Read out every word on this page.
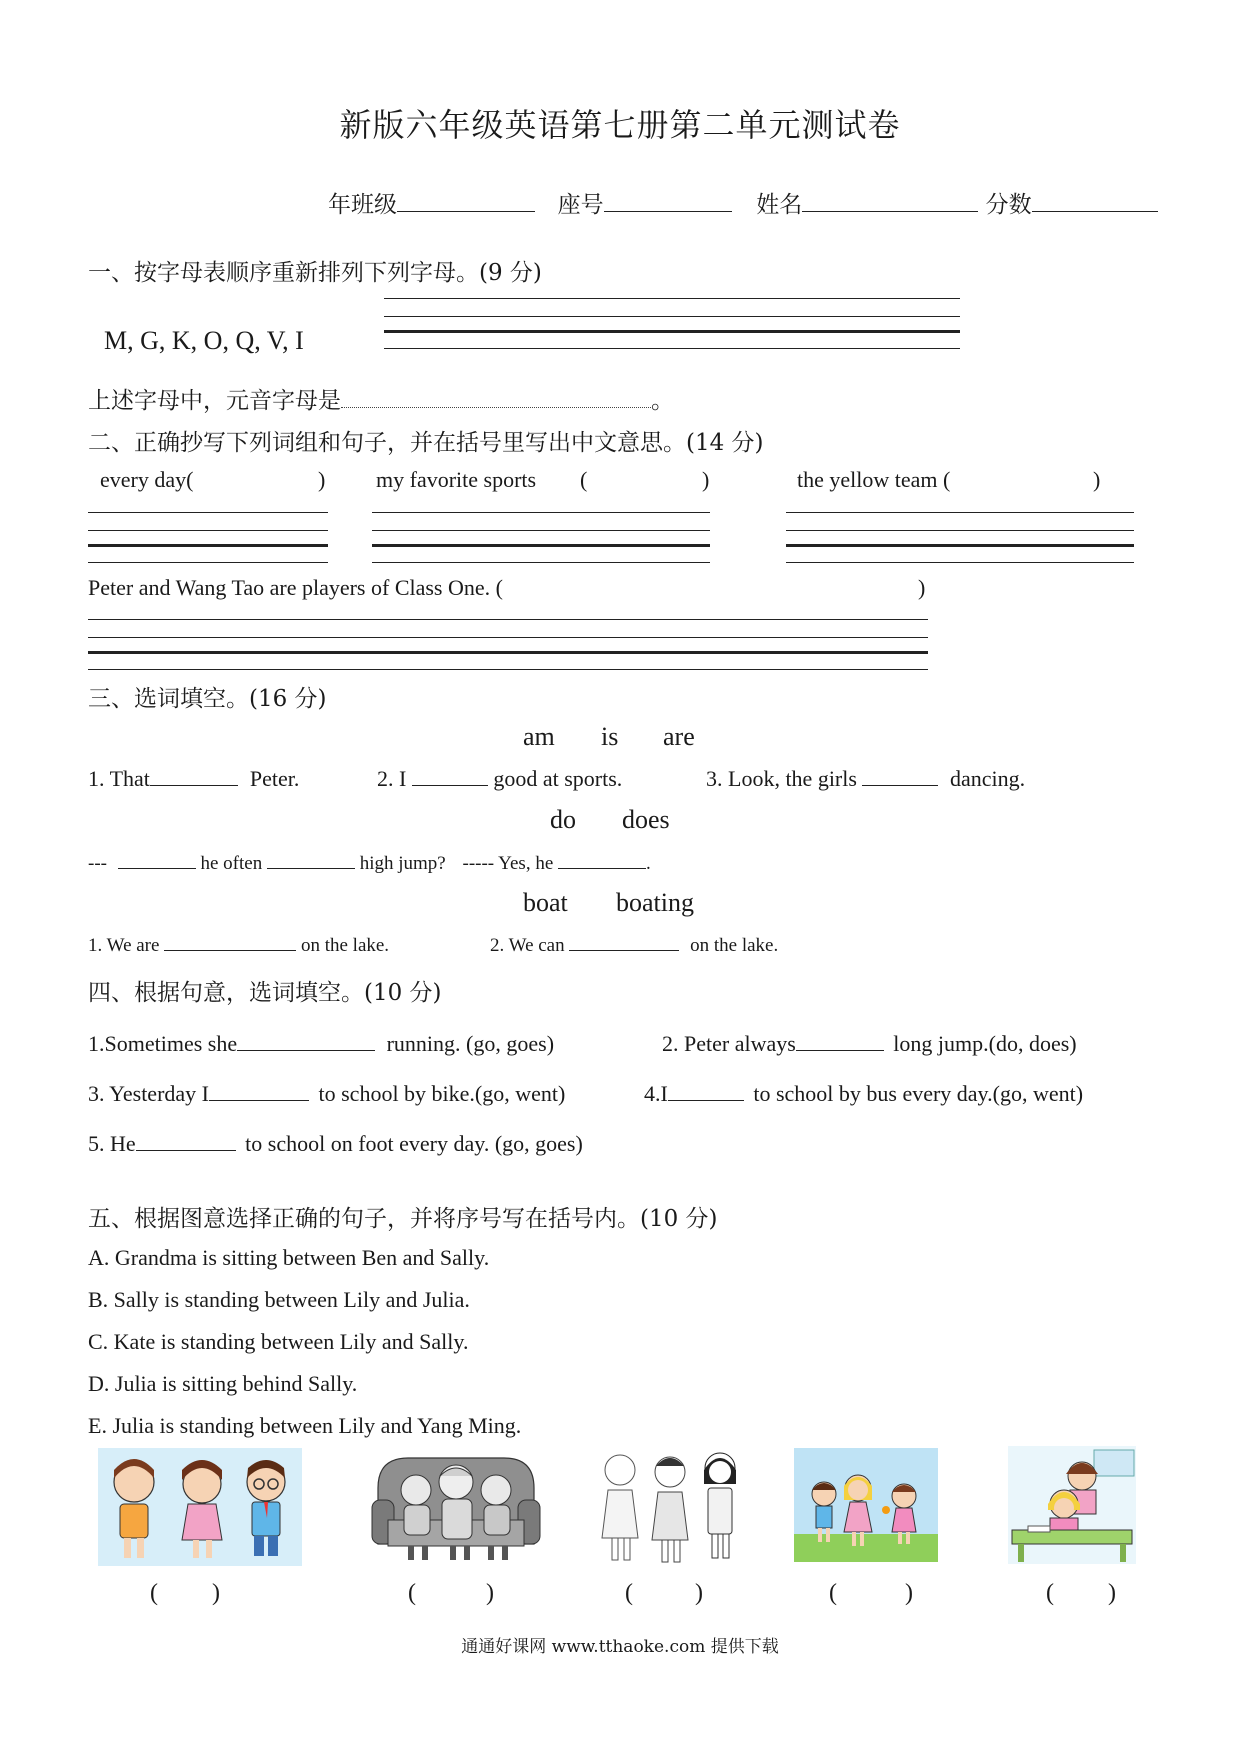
新版六年级英语第七册第二单元测试卷
年班级	座号	姓名	分数
一、按字母表顺序重新排列下列字母。(9 分)
M, G, K, O, Q, V, I
上述字母中，元音字母是	。
二、正确抄写下列词组和句子，并在括号里写出中文意思。(14 分)
every day(	) my favorite sports (	)	the yellow team (	)
Peter and Wang Tao are players of Class One. (	)
三、选词填空。(16 分)
am is are
1. That	Peter.	2. I	good at sports.	3. Look, the girls	dancing.
do does
---	he often	high jump? ----- Yes, he	.
boat boating
1. We are	on the lake.	2. We can	on the lake.
四、根据句意，选词填空。(10 分)
1.Sometimes she	running. (go, goes)	2. Peter always	long jump.(do, does)
3. Yesterday I	to school by bike.(go, went)	4.I	to school by bus every day.(go, went)
5. He	to school on foot every day. (go, goes)
五、根据图意选择正确的句子，并将序号写在括号内。(10 分)
A. Grandma is sitting between Ben and Sally.
B. Sally is standing between Lily and Julia.
C. Kate is standing between Lily and Sally.
D. Julia is sitting behind Sally.
E. Julia is standing between Lily and Yang Ming.
( )	(	)	(	)	(	)	( )
通通好课网 www.tthaoke.com 提供下载
